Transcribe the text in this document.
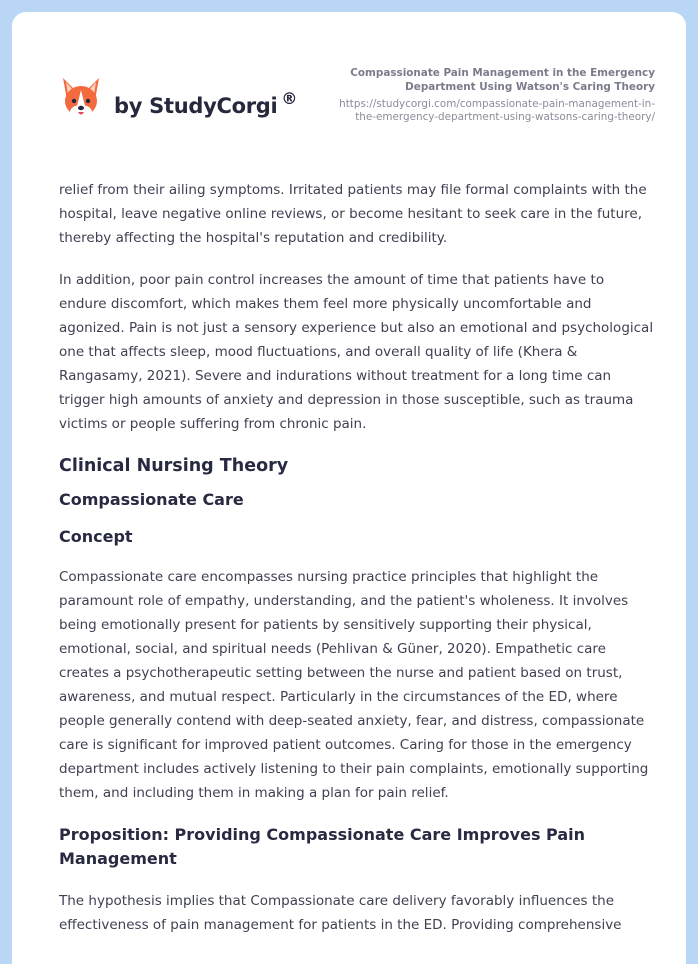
by StudyCorgi ®
Compassionate Pain Management in the Emergency
Department Using Watson's Caring Theory
https://studycorgi.com/compassionate-pain-management-in-
the-emergency-department-using-watsons-caring-theory/

relief from their ailing symptoms. Irritated patients may file formal complaints with the hospital, leave negative online reviews, or become hesitant to seek care in the future, thereby affecting the hospital's reputation and credibility.

In addition, poor pain control increases the amount of time that patients have to endure discomfort, which makes them feel more physically uncomfortable and agonized. Pain is not just a sensory experience but also an emotional and psychological one that affects sleep, mood fluctuations, and overall quality of life (Khera & Rangasamy, 2021). Severe and indurations without treatment for a long time can trigger high amounts of anxiety and depression in those susceptible, such as trauma victims or people suffering from chronic pain.

Clinical Nursing Theory
Compassionate Care
Concept

Compassionate care encompasses nursing practice principles that highlight the paramount role of empathy, understanding, and the patient's wholeness. It involves being emotionally present for patients by sensitively supporting their physical, emotional, social, and spiritual needs (Pehlivan & Güner, 2020). Empathetic care creates a psychotherapeutic setting between the nurse and patient based on trust, awareness, and mutual respect. Particularly in the circumstances of the ED, where people generally contend with deep-seated anxiety, fear, and distress, compassionate care is significant for improved patient outcomes. Caring for those in the emergency department includes actively listening to their pain complaints, emotionally supporting them, and including them in making a plan for pain relief.

Proposition: Providing Compassionate Care Improves Pain Management

The hypothesis implies that Compassionate care delivery favorably influences the effectiveness of pain management for patients in the ED. Providing comprehensive
